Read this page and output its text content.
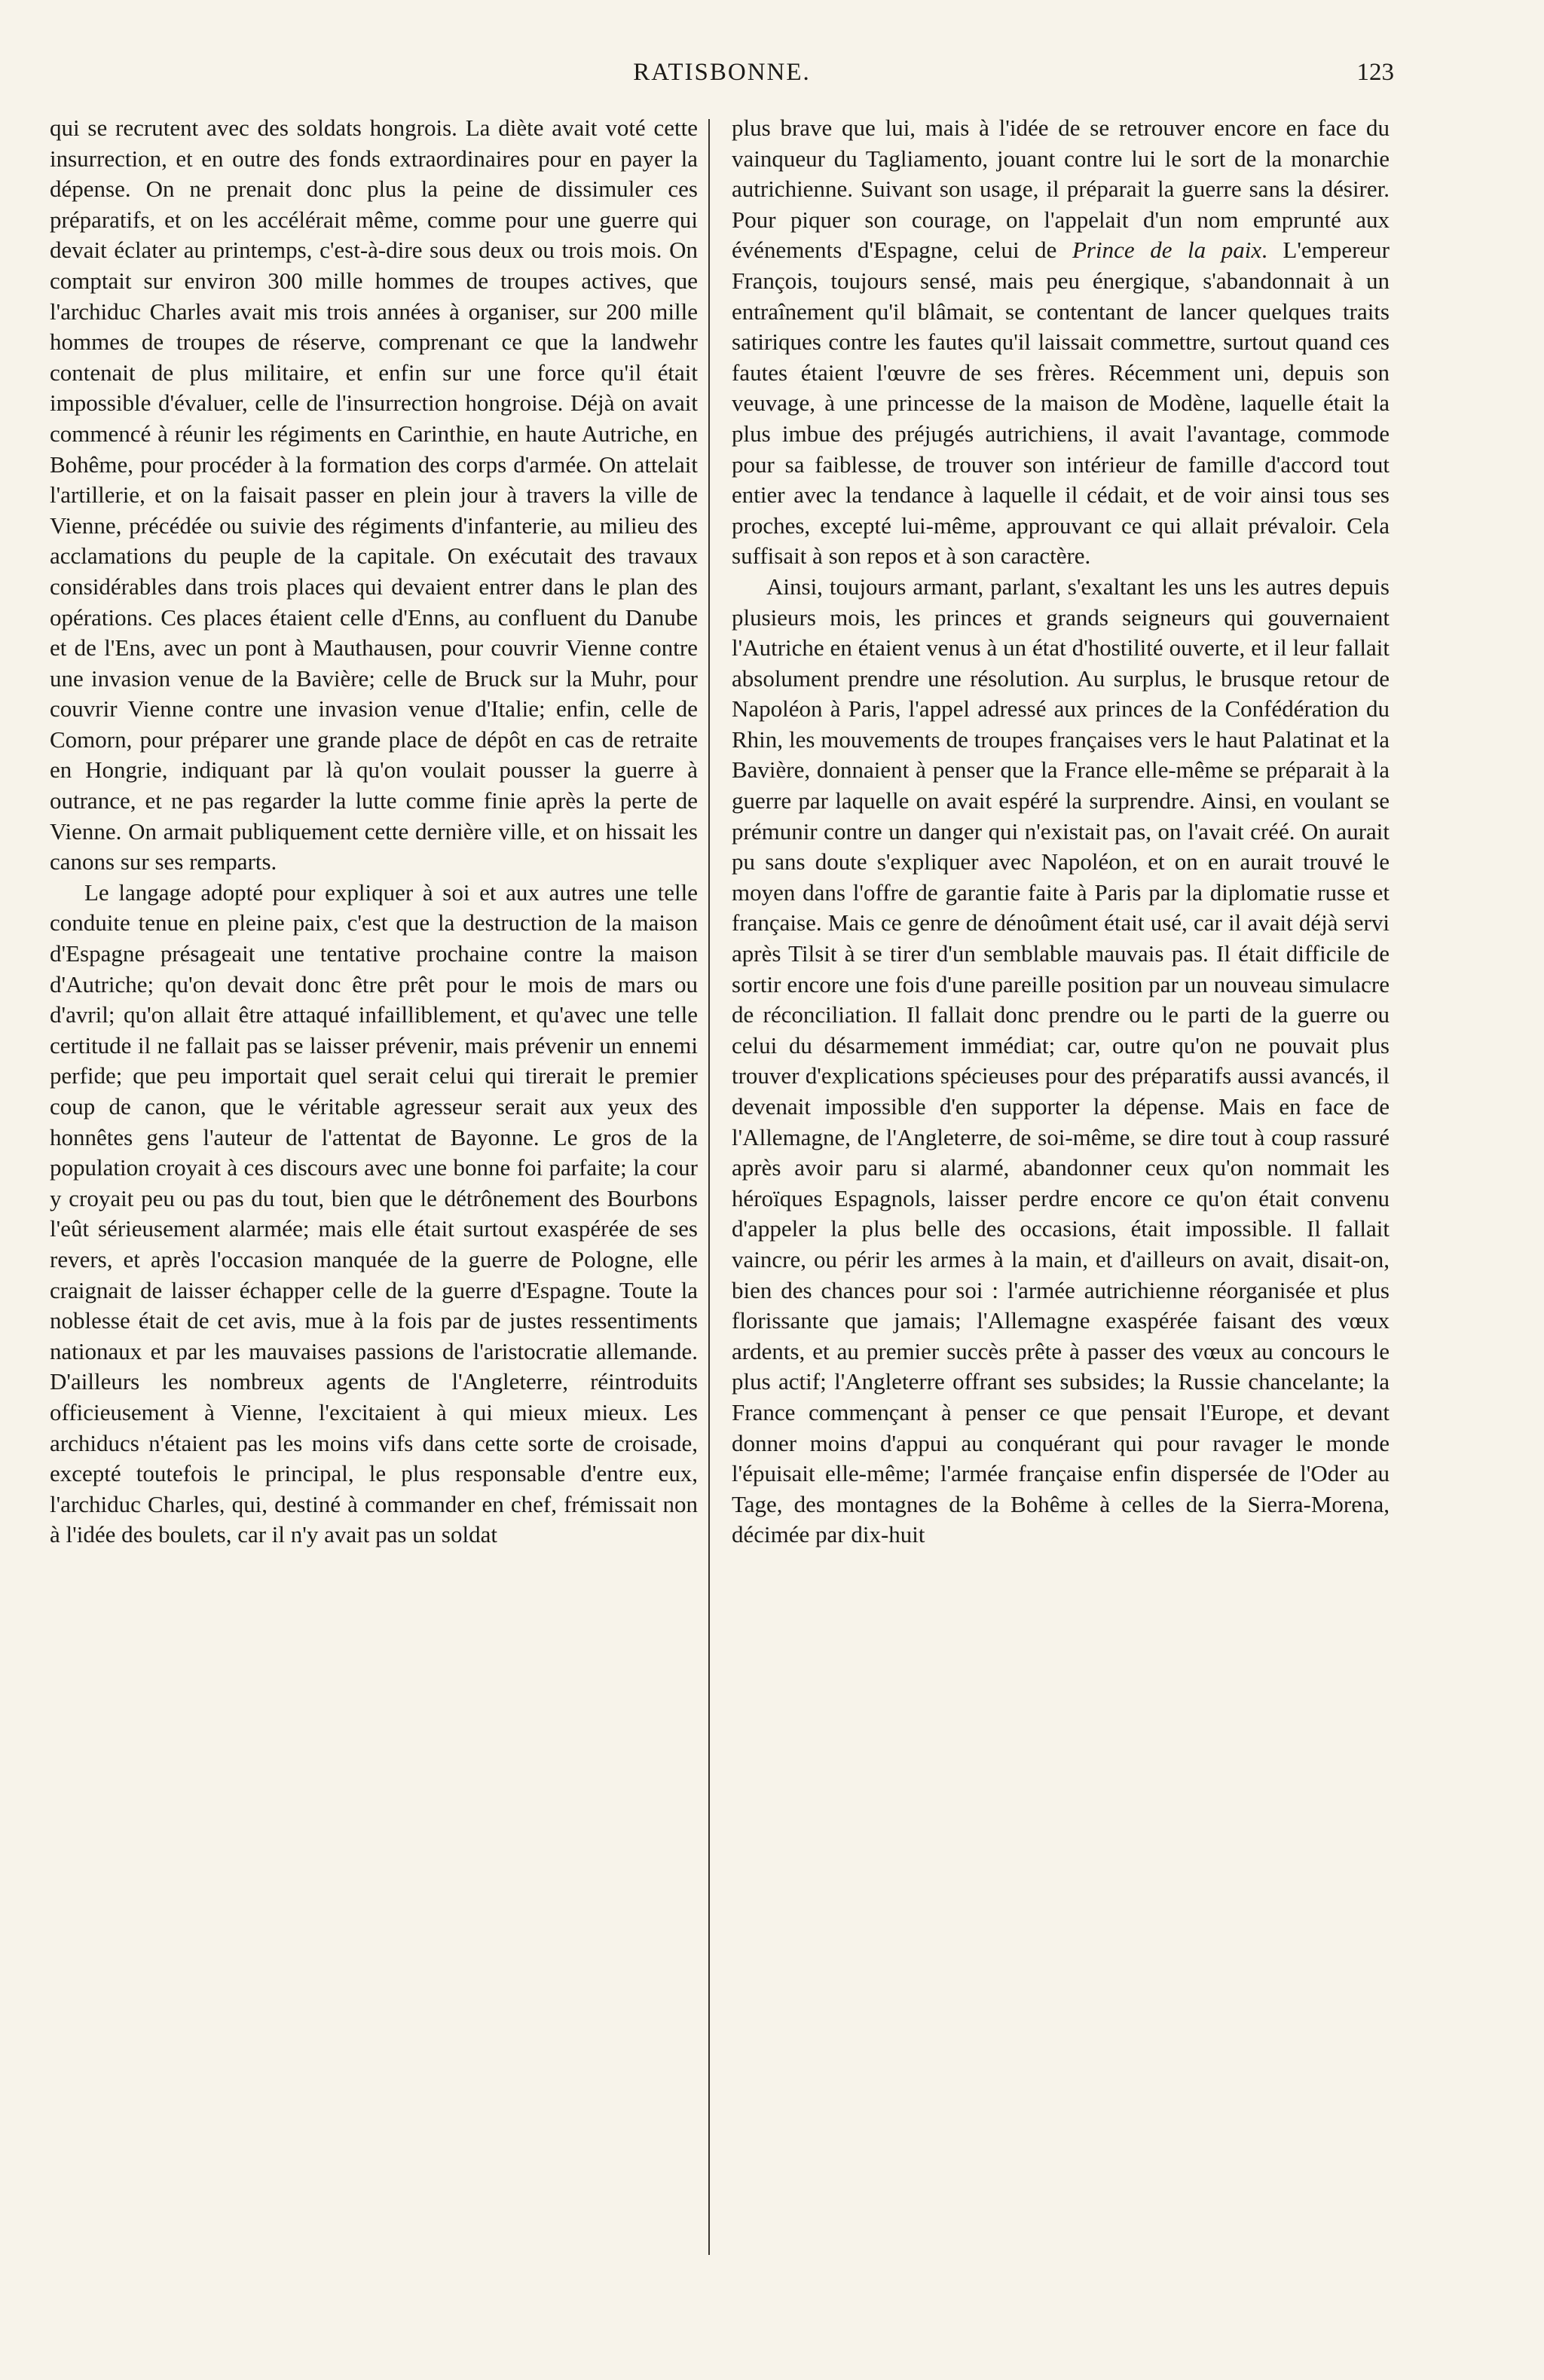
RATISBONNE.	123

qui se recrutent avec des soldats hongrois. La diète avait voté cette insurrection, et en outre des fonds extraordinaires pour en payer la dépense. On ne prenait donc plus la peine de dissimuler ces préparatifs, et on les accélérait même, comme pour une guerre qui devait éclater au printemps, c'est-à-dire sous deux ou trois mois. On comptait sur environ 300 mille hommes de troupes actives, que l'archiduc Charles avait mis trois années à organiser, sur 200 mille hommes de troupes de réserve, comprenant ce que la landwehr contenait de plus militaire, et enfin sur une force qu'il était impossible d'évaluer, celle de l'insurrection hongroise. Déjà on avait commencé à réunir les régiments en Carinthie, en haute Autriche, en Bohême, pour procéder à la formation des corps d'armée. On attelait l'artillerie, et on la faisait passer en plein jour à travers la ville de Vienne, précédée ou suivie des régiments d'infanterie, au milieu des acclamations du peuple de la capitale. On exécutait des travaux considérables dans trois places qui devaient entrer dans le plan des opérations. Ces places étaient celle d'Enns, au confluent du Danube et de l'Ens, avec un pont à Mauthausen, pour couvrir Vienne contre une invasion venue de la Bavière; celle de Bruck sur la Muhr, pour couvrir Vienne contre une invasion venue d'Italie; enfin, celle de Comorn, pour préparer une grande place de dépôt en cas de retraite en Hongrie, indiquant par là qu'on voulait pousser la guerre à outrance, et ne pas regarder la lutte comme finie après la perte de Vienne. On armait publiquement cette dernière ville, et on hissait les canons sur ses remparts.

Le langage adopté pour expliquer à soi et aux autres une telle conduite tenue en pleine paix, c'est que la destruction de la maison d'Espagne présageait une tentative prochaine contre la maison d'Autriche; qu'on devait donc être prêt pour le mois de mars ou d'avril; qu'on allait être attaqué infailliblement, et qu'avec une telle certitude il ne fallait pas se laisser prévenir, mais prévenir un ennemi perfide; que peu importait quel serait celui qui tirerait le premier coup de canon, que le véritable agresseur serait aux yeux des honnêtes gens l'auteur de l'attentat de Bayonne. Le gros de la population croyait à ces discours avec une bonne foi parfaite; la cour y croyait peu ou pas du tout, bien que le détrônement des Bourbons l'eût sérieusement alarmée; mais elle était surtout exaspérée de ses revers, et après l'occasion manquée de la guerre de Pologne, elle craignait de laisser échapper celle de la guerre d'Espagne. Toute la noblesse était de cet avis, mue à la fois par de justes ressentiments nationaux et par les mauvaises passions de l'aristocratie allemande. D'ailleurs les nombreux agents de l'Angleterre, réintroduits officieusement à Vienne, l'excitaient à qui mieux mieux. Les archiducs n'étaient pas les moins vifs dans cette sorte de croisade, excepté toutefois le principal, le plus responsable d'entre eux, l'archiduc Charles, qui, destiné à commander en chef, frémissait non à l'idée des boulets, car il n'y avait pas un soldat

plus brave que lui, mais à l'idée de se retrouver encore en face du vainqueur du Tagliamento, jouant contre lui le sort de la monarchie autrichienne. Suivant son usage, il préparait la guerre sans la désirer. Pour piquer son courage, on l'appelait d'un nom emprunté aux événements d'Espagne, celui de Prince de la paix. L'empereur François, toujours sensé, mais peu énergique, s'abandonnait à un entraînement qu'il blâmait, se contentant de lancer quelques traits satiriques contre les fautes qu'il laissait commettre, surtout quand ces fautes étaient l'œuvre de ses frères. Récemment uni, depuis son veuvage, à une princesse de la maison de Modène, laquelle était la plus imbue des préjugés autrichiens, il avait l'avantage, commode pour sa faiblesse, de trouver son intérieur de famille d'accord tout entier avec la tendance à laquelle il cédait, et de voir ainsi tous ses proches, excepté lui-même, approuvant ce qui allait prévaloir. Cela suffisait à son repos et à son caractère.

Ainsi, toujours armant, parlant, s'exaltant les uns les autres depuis plusieurs mois, les princes et grands seigneurs qui gouvernaient l'Autriche en étaient venus à un état d'hostilité ouverte, et il leur fallait absolument prendre une résolution. Au surplus, le brusque retour de Napoléon à Paris, l'appel adressé aux princes de la Confédération du Rhin, les mouvements de troupes françaises vers le haut Palatinat et la Bavière, donnaient à penser que la France elle-même se préparait à la guerre par laquelle on avait espéré la surprendre. Ainsi, en voulant se prémunir contre un danger qui n'existait pas, on l'avait créé. On aurait pu sans doute s'expliquer avec Napoléon, et on en aurait trouvé le moyen dans l'offre de garantie faite à Paris par la diplomatie russe et française. Mais ce genre de dénoûment était usé, car il avait déjà servi après Tilsit à se tirer d'un semblable mauvais pas. Il était difficile de sortir encore une fois d'une pareille position par un nouveau simulacre de réconciliation. Il fallait donc prendre ou le parti de la guerre ou celui du désarmement immédiat; car, outre qu'on ne pouvait plus trouver d'explications spécieuses pour des préparatifs aussi avancés, il devenait impossible d'en supporter la dépense. Mais en face de l'Allemagne, de l'Angleterre, de soi-même, se dire tout à coup rassuré après avoir paru si alarmé, abandonner ceux qu'on nommait les héroïques Espagnols, laisser perdre encore ce qu'on était convenu d'appeler la plus belle des occasions, était impossible. Il fallait vaincre, ou périr les armes à la main, et d'ailleurs on avait, disait-on, bien des chances pour soi : l'armée autrichienne réorganisée et plus florissante que jamais; l'Allemagne exaspérée faisant des vœux ardents, et au premier succès prête à passer des vœux au concours le plus actif; l'Angleterre offrant ses subsides; la Russie chancelante; la France commençant à penser ce que pensait l'Europe, et devant donner moins d'appui au conquérant qui pour ravager le monde l'épuisait elle-même; l'armée française enfin dispersée de l'Oder au Tage, des montagnes de la Bohême à celles de la Sierra-Morena, décimée par dix-huit
